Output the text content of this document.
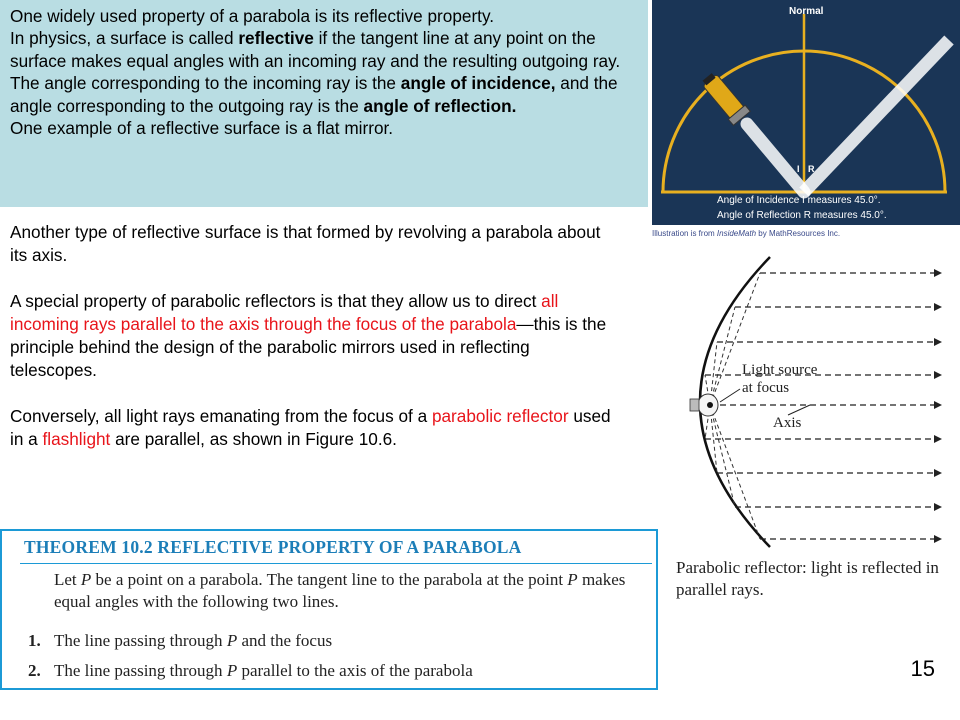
One widely used property of a parabola is its reflective property.

In physics, a surface is called reflective if the tangent line at any point on the surface makes equal angles with an incoming ray and the resulting outgoing ray.

The angle corresponding to the incoming ray is the angle of incidence, and the angle corresponding to the outgoing ray is the angle of reflection.

One example of a reflective surface is a flat mirror.

Normal
I R
Angle of Incidence I measures 45.0°.
Angle of Reflection R measures 45.0°.
Illustration is from InsideMath by MathResources Inc.

Another type of reflective surface is that formed by revolving a parabola about its axis.

A special property of parabolic reflectors is that they allow us to direct all incoming rays parallel to the axis through the focus of the parabola—this is the principle behind the design of the parabolic mirrors used in reflecting telescopes.

Conversely, all light rays emanating from the focus of a parabolic reflector used in a flashlight are parallel, as shown in Figure 10.6.

Light source
at focus
Axis
Parabolic reflector: light is reflected in parallel rays.
THEOREM 10.2 REFLECTIVE PROPERTY OF A PARABOLA
Let P be a point on a parabola. The tangent line to the parabola at the point P makes equal angles with the following two lines.
1. The line passing through P and the focus
2. The line passing through P parallel to the axis of the parabola	15
